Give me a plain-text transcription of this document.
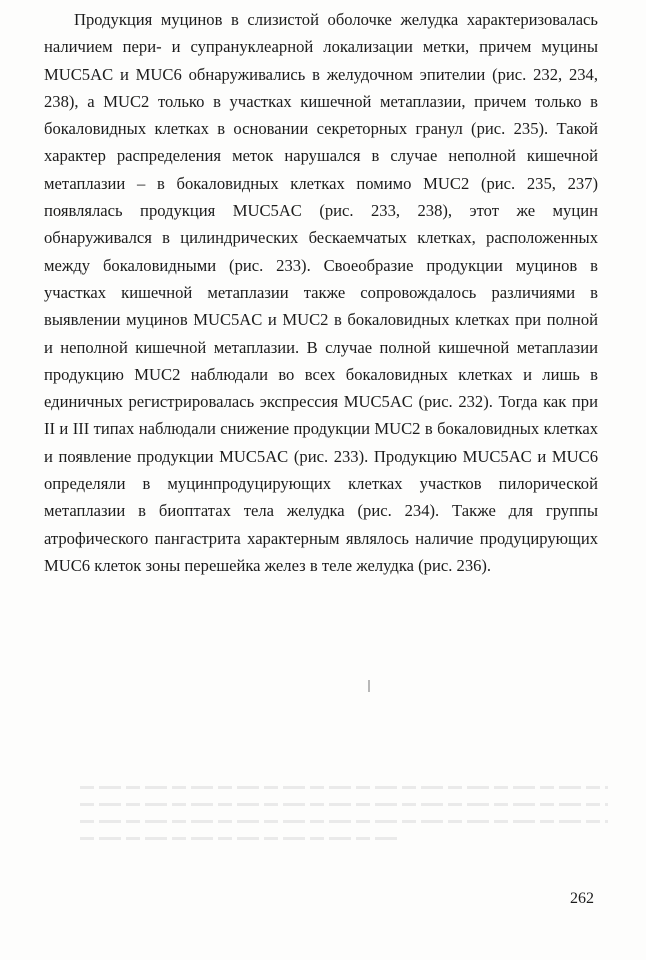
Продукция муцинов в слизистой оболочке желудка характеризовалась
наличием пери- и супрануклеарной локализации метки, причем муцины
MUC5AC и MUC6 обнаруживались в желудочном эпителии (рис. 232, 234,
238), а MUC2 только в участках кишечной метаплазии, причем только в
бокаловидных клетках в основании секреторных гранул (рис. 235). Такой
характер распределения меток нарушался в случае неполной кишечной
метаплазии – в бокаловидных клетках помимо MUC2 (рис. 235, 237)
появлялась продукция MUC5AC (рис. 233, 238), этот же муцин
обнаруживался в цилиндрических бескаемчатых клетках, расположенных
между бокаловидными (рис. 233). Своеобразие продукции муцинов в
участках кишечной метаплазии также сопровождалось различиями в
выявлении муцинов MUC5AC и MUC2 в бокаловидных клетках при полной
и неполной кишечной метаплазии. В случае полной кишечной метаплазии
продукцию MUC2 наблюдали во всех бокаловидных клетках и лишь в
единичных регистрировалась экспрессия MUC5AC (рис. 232). Тогда как при
II и III типах наблюдали снижение продукции MUC2 в бокаловидных клетках
и появление продукции MUC5AC (рис. 233). Продукцию MUC5AC и MUC6
определяли в муцинпродуцирующих клетках участков пилорической
метаплазии в биоптатах тела желудка (рис. 234). Также для группы
атрофического пангастрита характерным являлось наличие продуцирующих
MUC6 клеток зоны перешейка желез в теле желудка (рис. 236).
262
